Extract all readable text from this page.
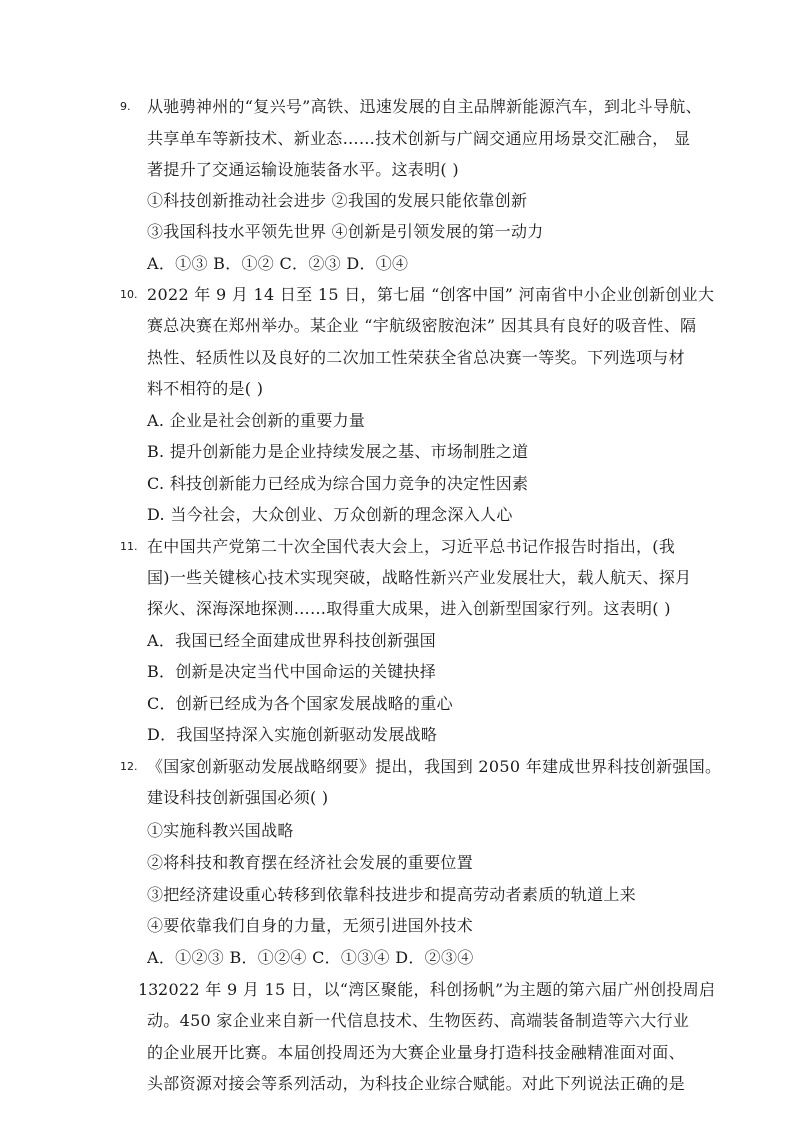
9. 从驰骋神州的“复兴号”高铁、迅速发展的自主品牌新能源汽车，到北斗导航、
共享单车等新技术、新业态……技术创新与广阔交通应用场景交汇融合， 显
著提升了交通运输设施装备水平。这表明( )
①科技创新推动社会进步 ②我国的发展只能依靠创新
③我国科技水平领先世界 ④创新是引领发展的第一动力
A．①③ B．①② C．②③ D．①④
10. 2022 年 9 月 14 日至 15 日，第七届 “创客中国” 河南省中小企业创新创业大
赛总决赛在郑州举办。某企业 “宇航级密胺泡沫” 因其具有良好的吸音性、隔
热性、轻质性以及良好的二次加工性荣获全省总决赛一等奖。下列选项与材
料不相符的是( )
A. 企业是社会创新的重要力量
B. 提升创新能力是企业持续发展之基、市场制胜之道
C. 科技创新能力已经成为综合国力竞争的决定性因素
D. 当今社会，大众创业、万众创新的理念深入人心
11. 在中国共产党第二十次全国代表大会上，习近平总书记作报告时指出，(我
国)一些关键核心技术实现突破，战略性新兴产业发展壮大，载人航天、探月
探火、深海深地探测……取得重大成果，进入创新型国家行列。这表明( )
A．我国已经全面建成世界科技创新强国
B．创新是决定当代中国命运的关键抉择
C．创新已经成为各个国家发展战略的重心
D．我国坚持深入实施创新驱动发展战略
12. 《国家创新驱动发展战略纲要》提出，我国到 2050 年建成世界科技创新强国。
建设科技创新强国必须( )
①实施科教兴国战略
②将科技和教育摆在经济社会发展的重要位置
③把经济建设重心转移到依靠科技进步和提高劳动者素质的轨道上来
④要依靠我们自身的力量，无须引进国外技术
A．①②③ B．①②④ C．①③④ D．②③④
13.
2022 年 9 月 15 日，以“湾区聚能，科创扬帆”为主题的第六届广州创投周启
动。450 家企业来自新一代信息技术、生物医药、高端装备制造等六大行业
的企业展开比赛。本届创投周还为大赛企业量身打造科技金融精准面对面、
头部资源对接会等系列活动，为科技企业综合赋能。对此下列说法正确的是
